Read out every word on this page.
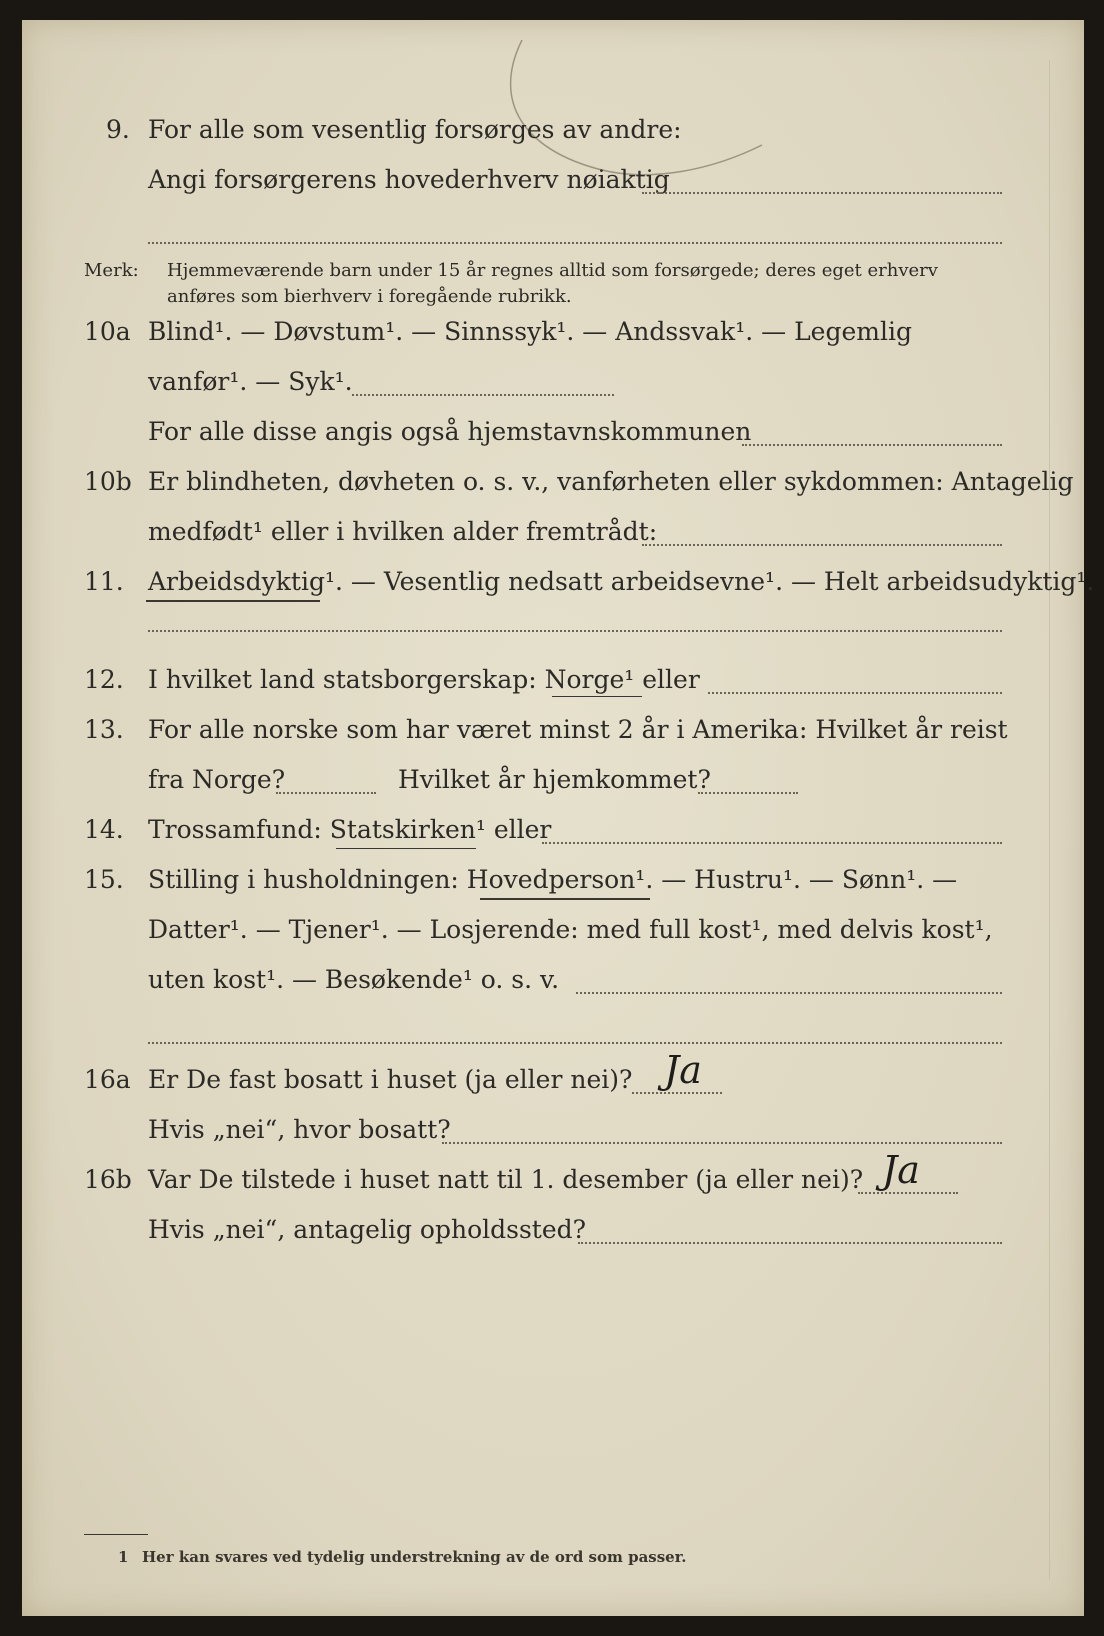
9. For alle som vesentlig forsørges av andre:
Angi forsørgerens hovederhverv nøiaktig
Merk: Hjemmeværende barn under 15 år regnes alltid som forsørgede; deres eget erhverv
anføres som bierhverv i foregående rubrikk.
10a Blind¹. — Døvstum¹. — Sinnssyk¹. — Andssvak¹. — Legemlig
vanfør¹. — Syk¹.
For alle disse angis også hjemstavnskommunen
10b Er blindheten, døvheten o. s. v., vanførheten eller sykdommen: Antagelig
medfødt¹ eller i hvilken alder fremtrådt:
11. Arbeidsdyktig¹. — Vesentlig nedsatt arbeidsevne¹. — Helt arbeidsudyktig¹.
12. I hvilket land statsborgerskap: Norge¹ eller
13. For alle norske som har været minst 2 år i Amerika: Hvilket år reist
fra Norge?	Hvilket år hjemkommet?
14. Trossamfund: Statskirken¹ eller
15. Stilling i husholdningen: Hovedperson¹. — Hustru¹. — Sønn¹. —
Datter¹. — Tjener¹. — Losjerende: med full kost¹, med delvis kost¹,
uten kost¹. — Besøkende¹ o. s. v.
16a Er De fast bosatt i huset (ja eller nei)? Ja
Hvis „nei“, hvor bosatt?
16b Var De tilstede i huset natt til 1. desember (ja eller nei)? Ja
Hvis „nei“, antagelig opholdssted?
1 Her kan svares ved tydelig understrekning av de ord som passer.
